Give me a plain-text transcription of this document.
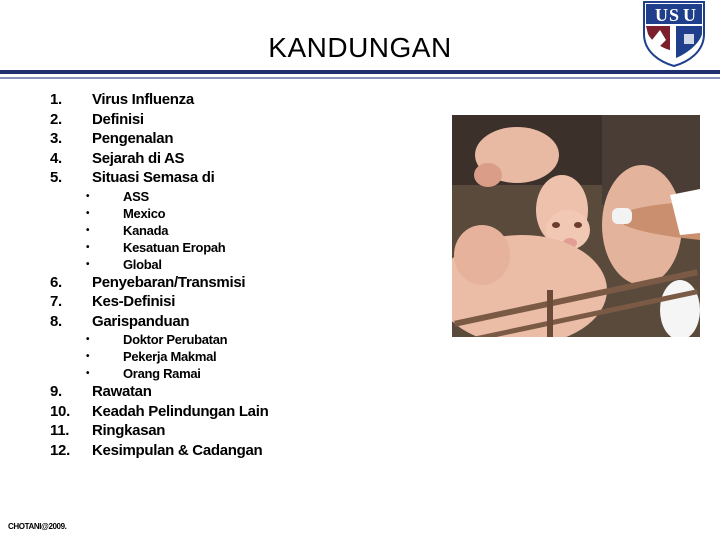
KANDUNGAN
U S U
1.	Virus Influenza
2.	Definisi
3.	Pengenalan
4.	Sejarah di AS
5.	Situasi Semasa di
•	ASS
•	Mexico
•	Kanada
•	Kesatuan Eropah
•	Global
6.	Penyebaran/Transmisi
7.	Kes-Definisi
8.	Garispanduan
•	Doktor Perubatan
•	Pekerja Makmal
•	Orang Ramai
9.	Rawatan
10.	Keadah Pelindungan Lain
11.	Ringkasan
12.	Kesimpulan & Cadangan
CHOTANI@2009.
